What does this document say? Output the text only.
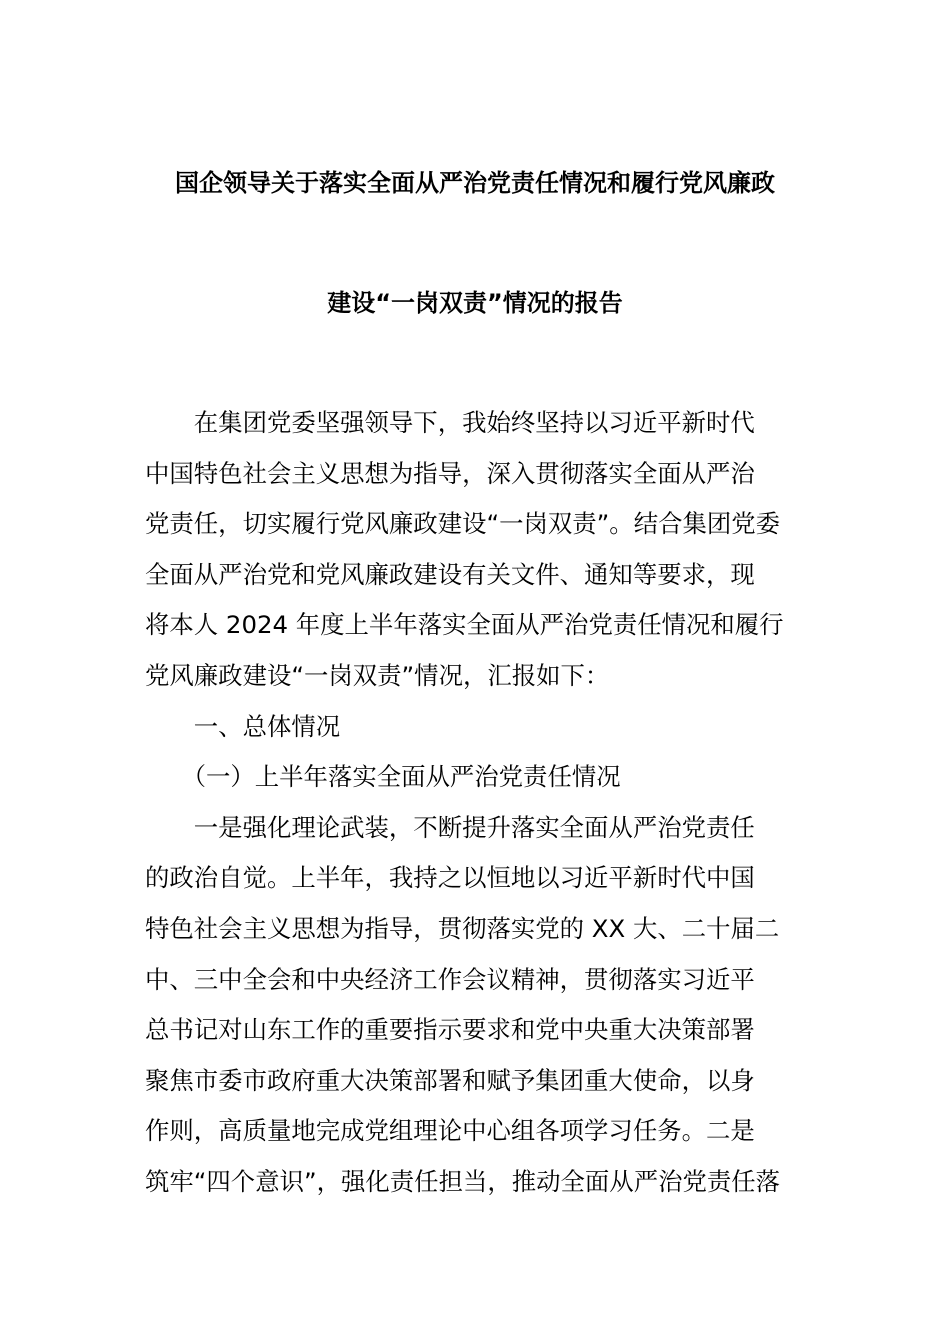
国企领导关于落实全面从严治党责任情况和履行党风廉政
建设“一岗双责”情况的报告
　　在集团党委坚强领导下，我始终坚持以习近平新时代
中国特色社会主义思想为指导，深入贯彻落实全面从严治
党责任，切实履行党风廉政建设“一岗双责”。结合集团党委
全面从严治党和党风廉政建设有关文件、通知等要求，现
将本人 2024 年度上半年落实全面从严治党责任情况和履行
党风廉政建设“一岗双责”情况，汇报如下：
　　一、总体情况
　　（一）上半年落实全面从严治党责任情况
　　一是强化理论武装，不断提升落实全面从严治党责任
的政治自觉。上半年，我持之以恒地以习近平新时代中国
特色社会主义思想为指导，贯彻落实党的 XX 大、二十届二
中、三中全会和中央经济工作会议精神，贯彻落实习近平
总书记对山东工作的重要指示要求和党中央重大决策部署
聚焦市委市政府重大决策部署和赋予集团重大使命，以身
作则，高质量地完成党组理论中心组各项学习任务。二是
筑牢“四个意识”，强化责任担当，推动全面从严治党责任落
